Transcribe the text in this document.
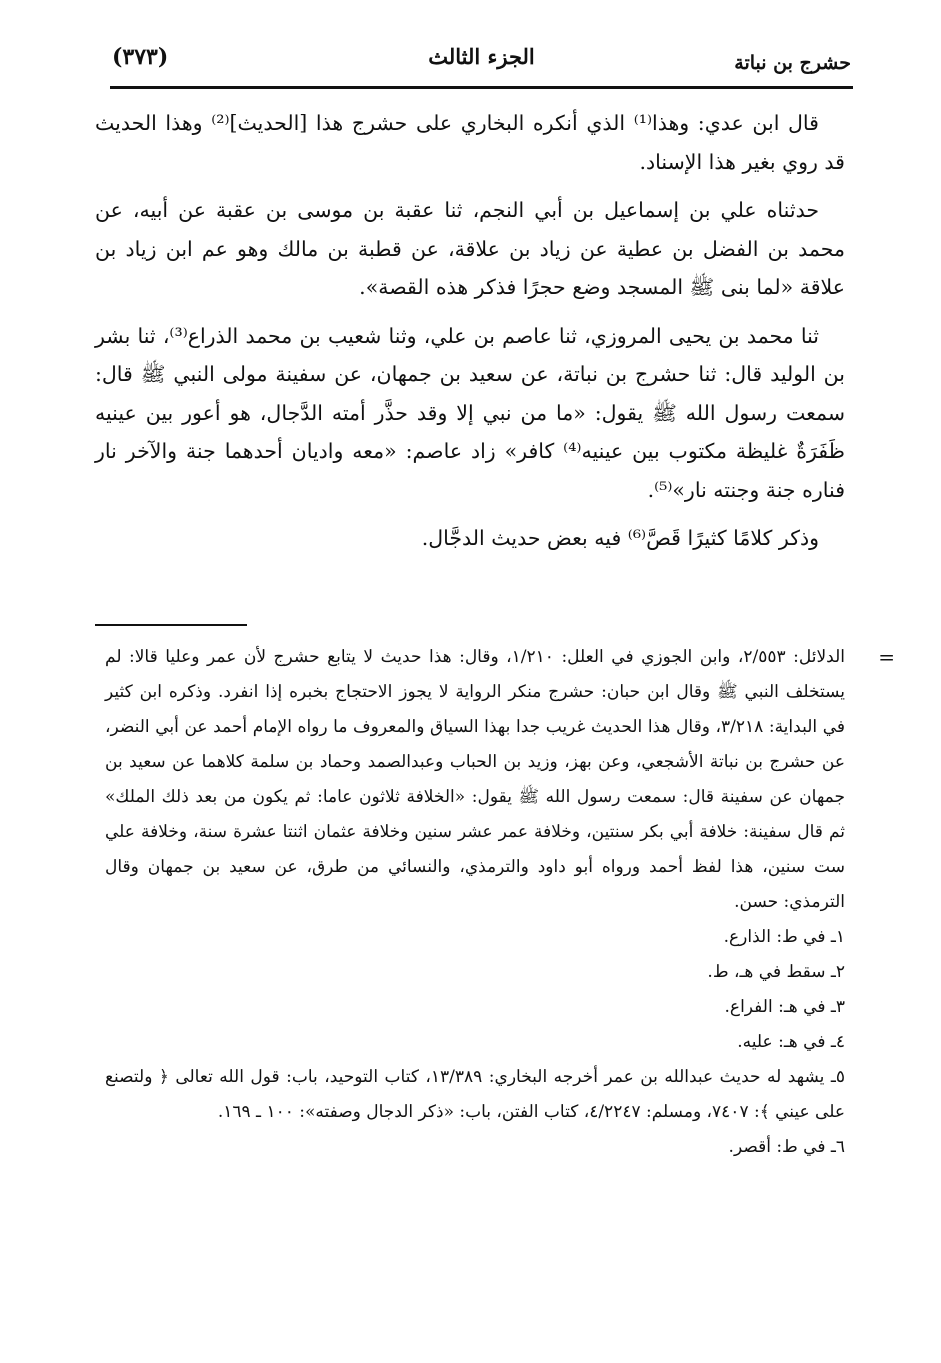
حشرج بن نباتة
الجزء الثالث
(٣٧٣)

قال ابن عدي: وهذا⁽¹⁾ الذي أنكره البخاري على حشرج هذا [الحديث]⁽²⁾ وهذا الحديث قد روي بغير هذا الإسناد.

حدثناه علي بن إسماعيل بن أبي النجم، ثنا عقبة بن موسى بن عقبة عن أبيه، عن محمد بن الفضل بن عطية عن زياد بن علاقة، عن قطبة بن مالك وهو عم ابن زياد بن علاقة «لما بنى ﷺ المسجد وضع حجرًا فذكر هذه القصة».

ثنا محمد بن يحيى المروزي، ثنا عاصم بن علي، وثنا شعيب بن محمد الذراع⁽³⁾، ثنا بشر بن الوليد قال: ثنا حشرج بن نباتة، عن سعيد بن جمهان، عن سفينة مولى النبي ﷺ قال: سمعت رسول الله ﷺ يقول: «ما من نبي إلا وقد حذَّر أمته الدَّجال، هو أعور بين عينيه ظَفَرَةٌ غليظة مكتوب بين عينيه⁽⁴⁾ كافر» زاد عاصم: «معه واديان أحدهما جنة والآخر نار فناره جنة وجنته نار»⁽⁵⁾.

وذكر كلامًا كثيرًا قَصَّ⁽⁶⁾ فيه بعض حديث الدجَّال.

=

الدلائل: ٢/٥٥٣، وابن الجوزي في العلل: ١/٢١٠، وقال: هذا حديث لا يتابع حشرج لأن عمر وعليا قالا: لم يستخلف النبي ﷺ وقال ابن حبان: حشرج منكر الرواية لا يجوز الاحتجاج بخبره إذا انفرد. وذكره ابن كثير في البداية: ٣/٢١٨، وقال هذا الحديث غريب جدا بهذا السياق والمعروف ما رواه الإمام أحمد عن أبي النضر، عن حشرج بن نباتة الأشجعي، وعن بهز، وزيد بن الحباب وعبدالصمد وحماد بن سلمة كلاهما عن سعيد بن جمهان عن سفينة قال: سمعت رسول الله ﷺ يقول: «الخلافة ثلاثون عاما: ثم يكون من بعد ذلك الملك» ثم قال سفينة: خلافة أبي بكر سنتين، وخلافة عمر عشر سنين وخلافة عثمان اثنتا عشرة سنة، وخلافة علي ست سنين، هذا لفظ أحمد ورواه أبو داود والترمذي، والنسائي من طرق، عن سعيد بن جمهان وقال الترمذي: حسن.

١ـ في ط: الذارع.

٢ـ سقط في هـ، ط.

٣ـ في هـ: الفراع.

٤ـ في هـ: عليه.

٥ـ يشهد له حديث عبدالله بن عمر أخرجه البخاري: ١٣/٣٨٩، كتاب التوحيد، باب: قول الله تعالى ﴿ ولتصنع على عيني ﴾: ٧٤٠٧، ومسلم: ٤/٢٢٤٧، كتاب الفتن، باب: «ذكر الدجال وصفته»: ١٠٠ ـ ١٦٩.

٦ـ في ط: أقصر.
